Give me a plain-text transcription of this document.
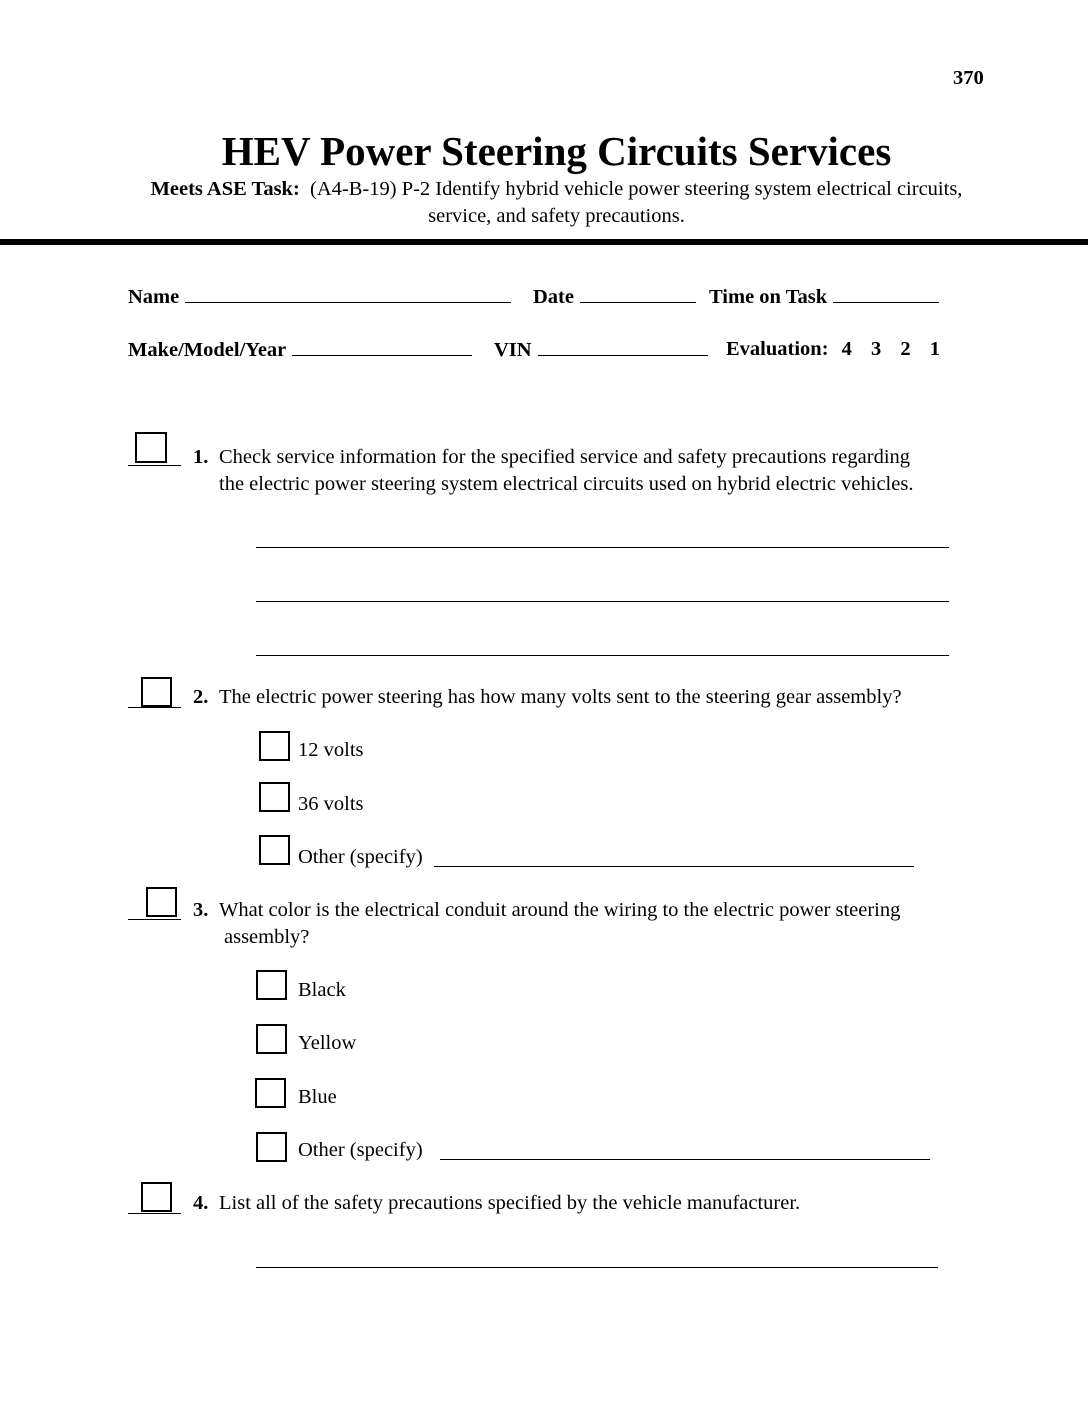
370
HEV Power Steering Circuits Services
Meets ASE Task: (A4-B-19) P-2 Identify hybrid vehicle power steering system electrical circuits,
service, and safety precautions.
Name	Date	Time on Task
Make/Model/Year	VIN	Evaluation: 4 3 2 1
1. Check service information for the specified service and safety precautions regarding
the electric power steering system electrical circuits used on hybrid electric vehicles.
2. The electric power steering has how many volts sent to the steering gear assembly?
12 volts
36 volts
Other (specify)
3. What color is the electrical conduit around the wiring to the electric power steering
assembly?
Black
Yellow
Blue
Other (specify)
4. List all of the safety precautions specified by the vehicle manufacturer.
